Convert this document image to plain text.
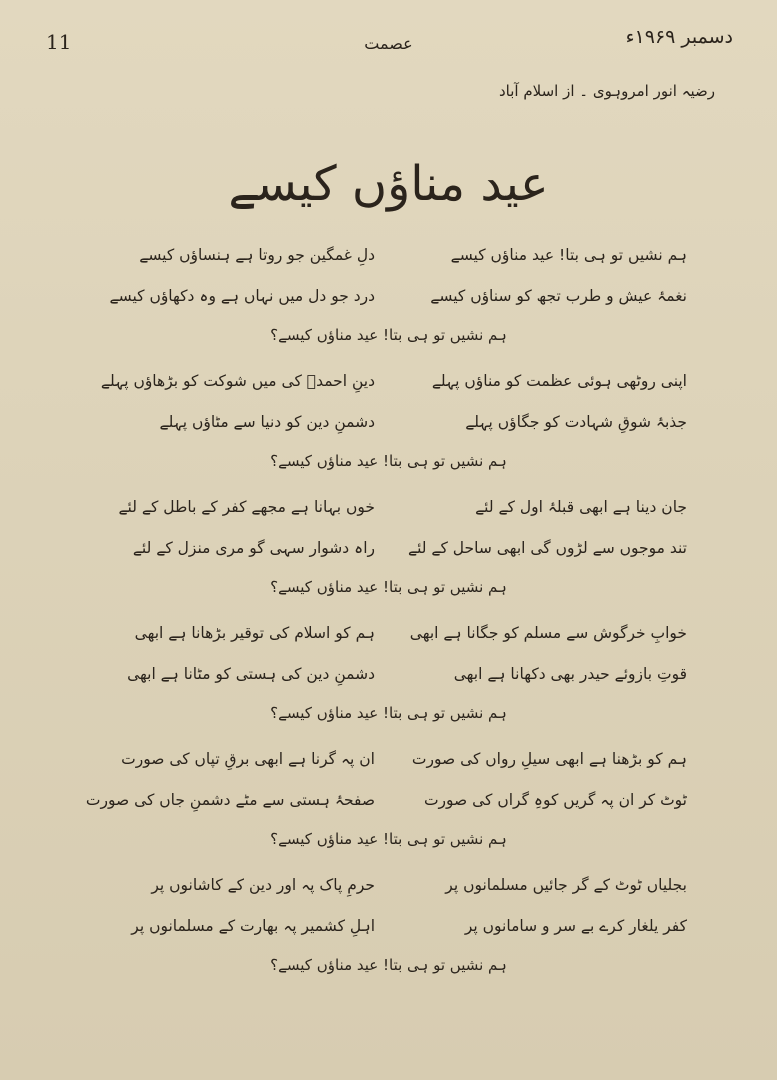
11	عصمت	دسمبر ۱۹۶۹ء
رضیہ انور امروہوی ۔ از اسلام آباد
عید مناؤں کیسے
ہم نشیں تو ہی بتا! عید مناؤں کیسے
دلِ غمگین جو روتا ہے ہنساؤں کیسے
نغمۂ عیش و طرب تجھ کو سناؤں کیسے
درد جو دل میں نہاں ہے وہ دکھاؤں کیسے
ہم نشیں تو ہی بتا! عید مناؤں کیسے؟
اپنی روٹھی ہوئی عظمت کو مناؤں پہلے
دینِ احمدؐ کی میں شوکت کو بڑھاؤں پہلے
جذبۂ شوقِ شہادت کو جگاؤں پہلے
دشمنِ دین کو دنیا سے مٹاؤں پہلے
ہم نشیں تو ہی بتا! عید مناؤں کیسے؟
جان دینا ہے ابھی قبلۂ اول کے لئے
خوں بہانا ہے مجھے کفر کے باطل کے لئے
تند موجوں سے لڑوں گی ابھی ساحل کے لئے
راہ دشوار سہی گو مری منزل کے لئے
ہم نشیں تو ہی بتا! عید مناؤں کیسے؟
خوابِ خرگوش سے مسلم کو جگانا ہے ابھی
ہم کو اسلام کی توقیر بڑھانا ہے ابھی
قوتِ بازوئے حیدر بھی دکھانا ہے ابھی
دشمنِ دین کی ہستی کو مٹانا ہے ابھی
ہم نشیں تو ہی بتا! عید مناؤں کیسے؟
ہم کو بڑھنا ہے ابھی سیلِ رواں کی صورت
ان پہ گرنا ہے ابھی برقِ تپاں کی صورت
ٹوٹ کر ان پہ گریں کوہِ گراں کی صورت
صفحۂ ہستی سے مٹے دشمنِ جاں کی صورت
ہم نشیں تو ہی بتا! عید مناؤں کیسے؟
بجلیاں ٹوٹ کے گر جائیں مسلمانوں پر
حرمِ پاک پہ اور دین کے کاشانوں پر
کفر یلغار کرے بے سر و سامانوں پر
اہلِ کشمیر پہ بھارت کے مسلمانوں پر
ہم نشیں تو ہی بتا! عید مناؤں کیسے؟
